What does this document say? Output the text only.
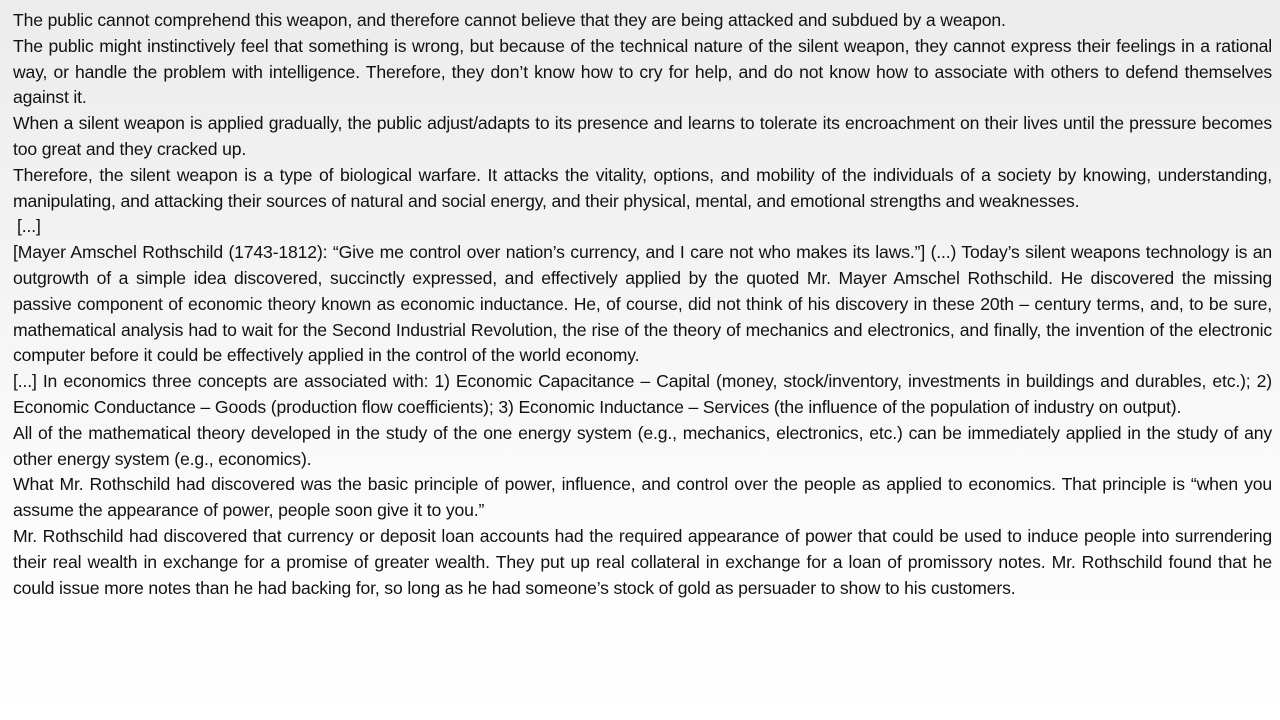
The public cannot comprehend this weapon, and therefore cannot believe that they are being attacked and subdued by a weapon.

The public might instinctively feel that something is wrong, but because of the technical nature of the silent weapon, they cannot express their feelings in a rational way, or handle the problem with intelligence. Therefore, they don’t know how to cry for help, and do not know how to associate with others to defend themselves against it.

When a silent weapon is applied gradually, the public adjust/adapts to its presence and learns to tolerate its encroachment on their lives until the pressure becomes too great and they cracked up.

Therefore, the silent weapon is a type of biological warfare. It attacks the vitality, options, and mobility of the individuals of a society by knowing, understanding, manipulating, and attacking their sources of natural and social energy, and their physical, mental, and emotional strengths and weaknesses.

[...]

[Mayer Amschel Rothschild (1743-1812): “Give me control over nation’s currency, and I care not who makes its laws.”] (...) Today’s silent weapons technology is an outgrowth of a simple idea discovered, succinctly expressed, and effectively applied by the quoted Mr. Mayer Amschel Rothschild. He discovered the missing passive component of economic theory known as economic inductance. He, of course, did not think of his discovery in these 20th – century terms, and, to be sure, mathematical analysis had to wait for the Second Industrial Revolution, the rise of the theory of mechanics and electronics, and finally, the invention of the electronic computer before it could be effectively applied in the control of the world economy.

[...] In economics three concepts are associated with: 1) Economic Capacitance – Capital (money, stock/inventory, investments in buildings and durables, etc.); 2) Economic Conductance – Goods (production flow coefficients); 3) Economic Inductance – Services (the influence of the population of industry on output).

All of the mathematical theory developed in the study of the one energy system (e.g., mechanics, electronics, etc.) can be immediately applied in the study of any other energy system (e.g., economics).

What Mr. Rothschild had discovered was the basic principle of power, influence, and control over the people as applied to economics. That principle is “when you assume the appearance of power, people soon give it to you.”

Mr. Rothschild had discovered that currency or deposit loan accounts had the required appearance of power that could be used to induce people into surrendering their real wealth in exchange for a promise of greater wealth. They put up real collateral in exchange for a loan of promissory notes. Mr. Rothschild found that he could issue more notes than he had backing for, so long as he had someone’s stock of gold as persuader to show to his customers.
